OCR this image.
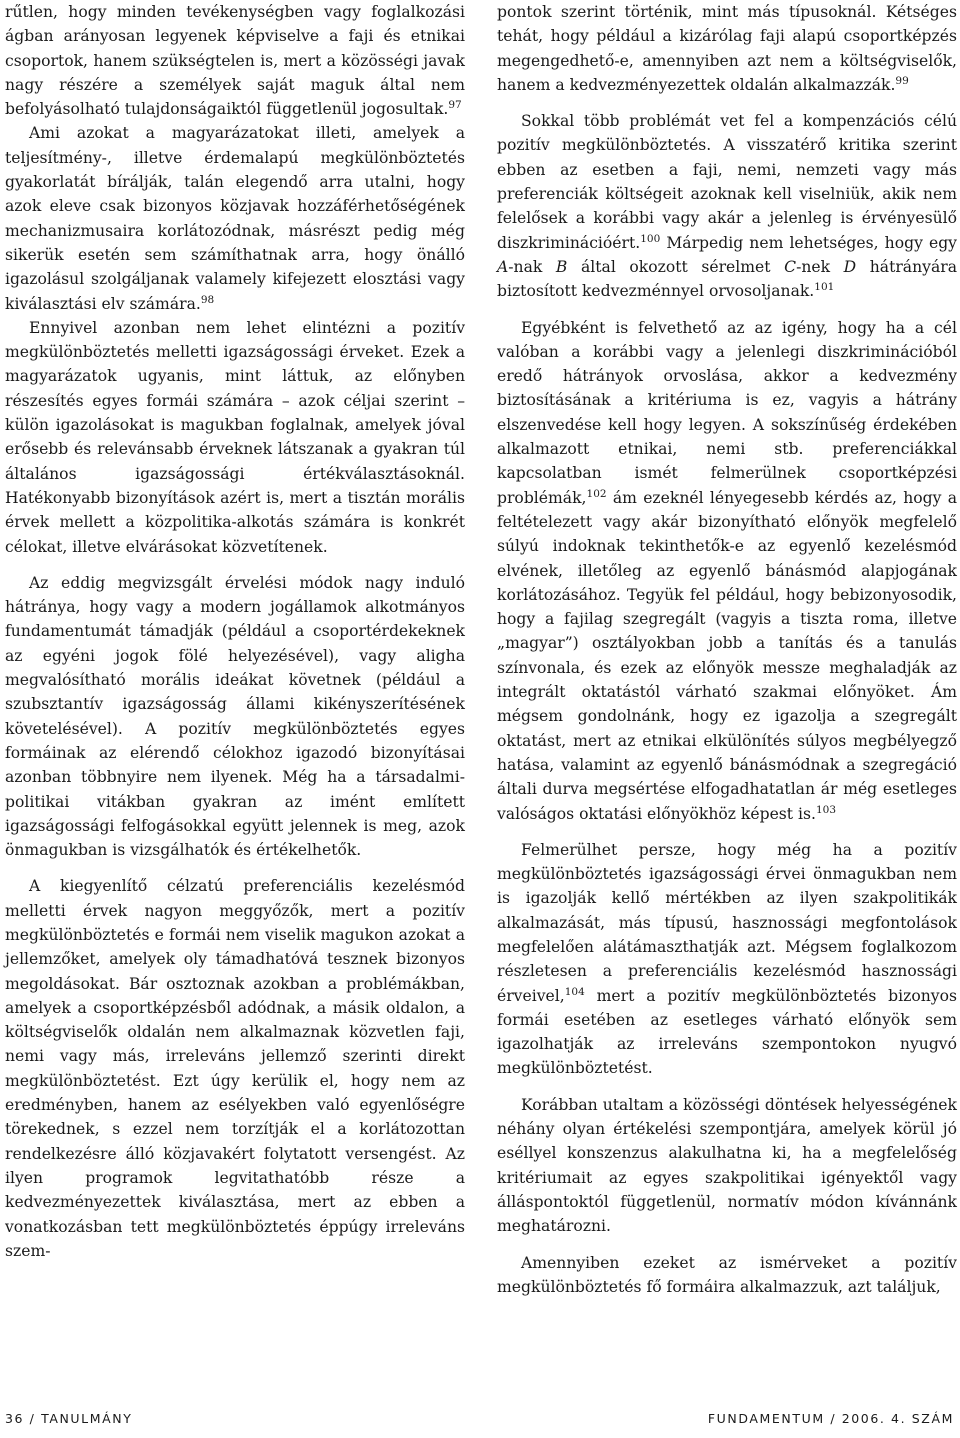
rűtlen, hogy minden tevékenységben vagy foglalkozási ágban arányosan legyenek képviselve a faji és etnikai csoportok, hanem szükségtelen is, mert a közösségi javak nagy részére a személyek saját maguk által nem befolyásolható tulajdonságaiktól függetlenül jogosultak.$^{97}$

Ami azokat a magyarázatokat illeti, amelyek a teljesítmény-, illetve érdemalapú megkülönböztetés gyakorlatát bírálják, talán elegendő arra utalni, hogy azok eleve csak bizonyos közjavak hozzáférhetőségének mechanizmusaira korlátozódnak, másrészt pedig még sikerük esetén sem számíthatnak arra, hogy önálló igazolásul szolgáljanak valamely kifejezett elosztási vagy kiválasztási elv számára.$^{98}$

Ennyivel azonban nem lehet elintézni a pozitív megkülönböztetés melletti igazságossági érveket. Ezek a magyarázatok ugyanis, mint láttuk, az előnyben részesítés egyes formái számára – azok céljai szerint – külön igazolásokat is magukban foglalnak, amelyek jóval erősebb és relevánsabb érveknek látszanak a gyakran túl általános igazságossági értékválasztásoknál. Hatékonyabb bizonyítások azért is, mert a tisztán morális érvek mellett a közpolitika-alkotás számára is konkrét célokat, illetve elvárásokat közvetítenek.

Az eddig megvizsgált érvelési módok nagy induló hátránya, hogy vagy a modern jogállamok alkotmányos fundamentumát támadják (például a csoportérdekeknek az egyéni jogok fölé helyezésével), vagy aligha megvalósítható morális ideákat követnek (például a szubsztantív igazságosság állami kikényszerítésének követelésével). A pozitív megkülönböztetés egyes formáinak az elérendő célokhoz igazodó bizonyításai azonban többnyire nem ilyenek. Még ha a társadalmi-politikai vitákban gyakran az imént említett igazságossági felfogásokkal együtt jelennek is meg, azok önmagukban is vizsgálhatók és értékelhetők.

A kiegyenlítő célzatú preferenciális kezelésmód melletti érvek nagyon meggyőzők, mert a pozitív megkülönböztetés e formái nem viselik magukon azokat a jellemzőket, amelyek oly támadhatóvá tesznek bizonyos megoldásokat. Bár osztoznak azokban a problémákban, amelyek a csoportképzésből adódnak, a másik oldalon, a költségviselők oldalán nem alkalmaznak közvetlen faji, nemi vagy más, irreleváns jellemző szerinti direkt megkülönböztetést. Ezt úgy kerülik el, hogy nem az eredményben, hanem az esélyekben való egyenlőségre törekednek, s ezzel nem torzítják el a korlátozottan rendelkezésre álló közjavakért folytatott versengést. Az ilyen programok legvitathatóbb része a kedvezményezettek kiválasztása, mert az ebben a vonatkozásban tett megkülönböztetés éppúgy irreleváns szem-

pontok szerint történik, mint más típusoknál. Kétséges tehát, hogy például a kizárólag faji alapú csoportképzés megengedhető-e, amennyiben azt nem a költségviselők, hanem a kedvezményezettek oldalán alkalmazzák.$^{99}$

Sokkal több problémát vet fel a kompenzációs célú pozitív megkülönböztetés. A visszatérő kritika szerint ebben az esetben a faji, nemi, nemzeti vagy más preferenciák költségeit azoknak kell viselniük, akik nem felelősek a korábbi vagy akár a jelenleg is érvényesülő diszkriminációért.$^{100}$ Márpedig nem lehetséges, hogy egy A-nak B által okozott sérelmet C-nek D hátrányára biztosított kedvezménnyel orvosoljanak.$^{101}$

Egyébként is felvethető az az igény, hogy ha a cél valóban a korábbi vagy a jelenlegi diszkriminációból eredő hátrányok orvoslása, akkor a kedvezmény biztosításának a kritériuma is ez, vagyis a hátrány elszenvedése kell hogy legyen. A sokszínűség érdekében alkalmazott etnikai, nemi stb. preferenciákkal kapcsolatban ismét felmerülnek csoportképzési problémák,$^{102}$ ám ezeknél lényegesebb kérdés az, hogy a feltételezett vagy akár bizonyítható előnyök megfelelő súlyú indoknak tekinthetők-e az egyenlő kezelésmód elvének, illetőleg az egyenlő bánásmód alapjogának korlátozásához. Tegyük fel például, hogy bebizonyosodik, hogy a fajilag szegregált (vagyis a tiszta roma, illetve „magyar”) osztályokban jobb a tanítás és a tanulás színvonala, és ezek az előnyök messze meghaladják az integrált oktatástól várható szakmai előnyöket. Ám mégsem gondolnánk, hogy ez igazolja a szegregált oktatást, mert az etnikai elkülönítés súlyos megbélyegző hatása, valamint az egyenlő bánásmódnak a szegregáció általi durva megsértése elfogadhatatlan ár még esetleges valóságos oktatási előnyökhöz képest is.$^{103}$

Felmerülhet persze, hogy még ha a pozitív megkülönböztetés igazságossági érvei önmagukban nem is igazolják kellő mértékben az ilyen szakpolitikák alkalmazását, más típusú, hasznossági megfontolások megfelelően alátámaszthatják azt. Mégsem foglalkozom részletesen a preferenciális kezelésmód hasznossági érveivel,$^{104}$ mert a pozitív megkülönböztetés bizonyos formái esetében az esetleges várható előnyök sem igazolhatják az irreleváns szempontokon nyugvó megkülönböztetést.

Korábban utaltam a közösségi döntések helyességének néhány olyan értékelési szempontjára, amelyek körül jó eséllyel konszenzus alakulhatna ki, ha a megfelelőség kritériumait az egyes szakpolitikai igényektől vagy álláspontoktól függetlenül, normatív módon kívánnánk meghatározni.

Amennyiben ezeket az ismérveket a pozitív megkülönböztetés fő formáira alkalmazzuk, azt találjuk,

36 / TANULMÁNY	FUNDAMENTUM / 2006. 4. SZÁM
